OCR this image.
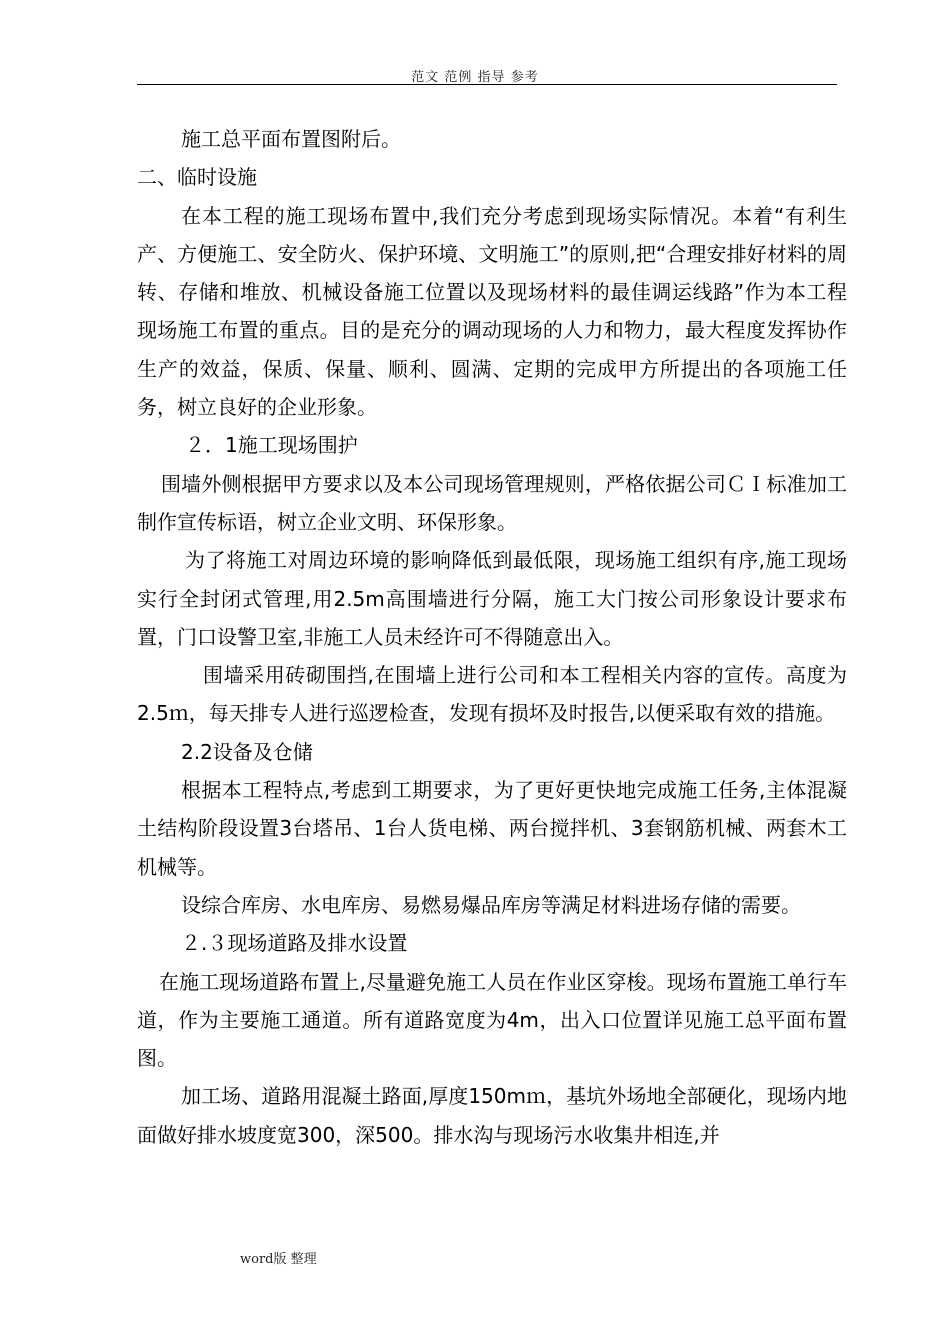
范文 范例 指导 参考

施工总平面布置图附后。

二、临时设施

在本工程的施工现场布置中,我们充分考虑到现场实际情况。本着“有利生产、方便施工、安全防火、保护环境、文明施工”的原则,把“合理安排好材料的周转、存储和堆放、机械设备施工位置以及现场材料的最佳调运线路”作为本工程现场施工布置的重点。目的是充分的调动现场的人力和物力，最大程度发挥协作生产的效益，保质、保量、顺利、圆满、定期的完成甲方所提出的各项施工任务，树立良好的企业形象。

２．1施工现场围护

围墙外侧根据甲方要求以及本公司现场管理规则，严格依据公司ＣＩ标准加工制作宣传标语，树立企业文明、环保形象。

为了将施工对周边环境的影响降低到最低限，现场施工组织有序,施工现场实行全封闭式管理,用2.5m高围墙进行分隔，施工大门按公司形象设计要求布置，门口设警卫室,非施工人员未经许可不得随意出入。

围墙采用砖砌围挡,在围墙上进行公司和本工程相关内容的宣传。高度为2.5ｍ，每天排专人进行巡逻检查，发现有损坏及时报告,以便采取有效的措施。

2.2设备及仓储

根据本工程特点,考虑到工期要求，为了更好更快地完成施工任务,主体混凝土结构阶段设置3台塔吊、1台人货电梯、两台搅拌机、3套钢筋机械、两套木工机械等。

设综合库房、水电库房、易燃易爆品库房等满足材料进场存储的需要。

２.３现场道路及排水设置

在施工现场道路布置上,尽量避免施工人员在作业区穿梭。现场布置施工单行车道，作为主要施工通道。所有道路宽度为4m，出入口位置详见施工总平面布置图。

加工场、道路用混凝土路面,厚度150mｍ，基坑外场地全部硬化，现场内地面做好排水坡度宽300，深500。排水沟与现场污水收集井相连,并

word版 整理
